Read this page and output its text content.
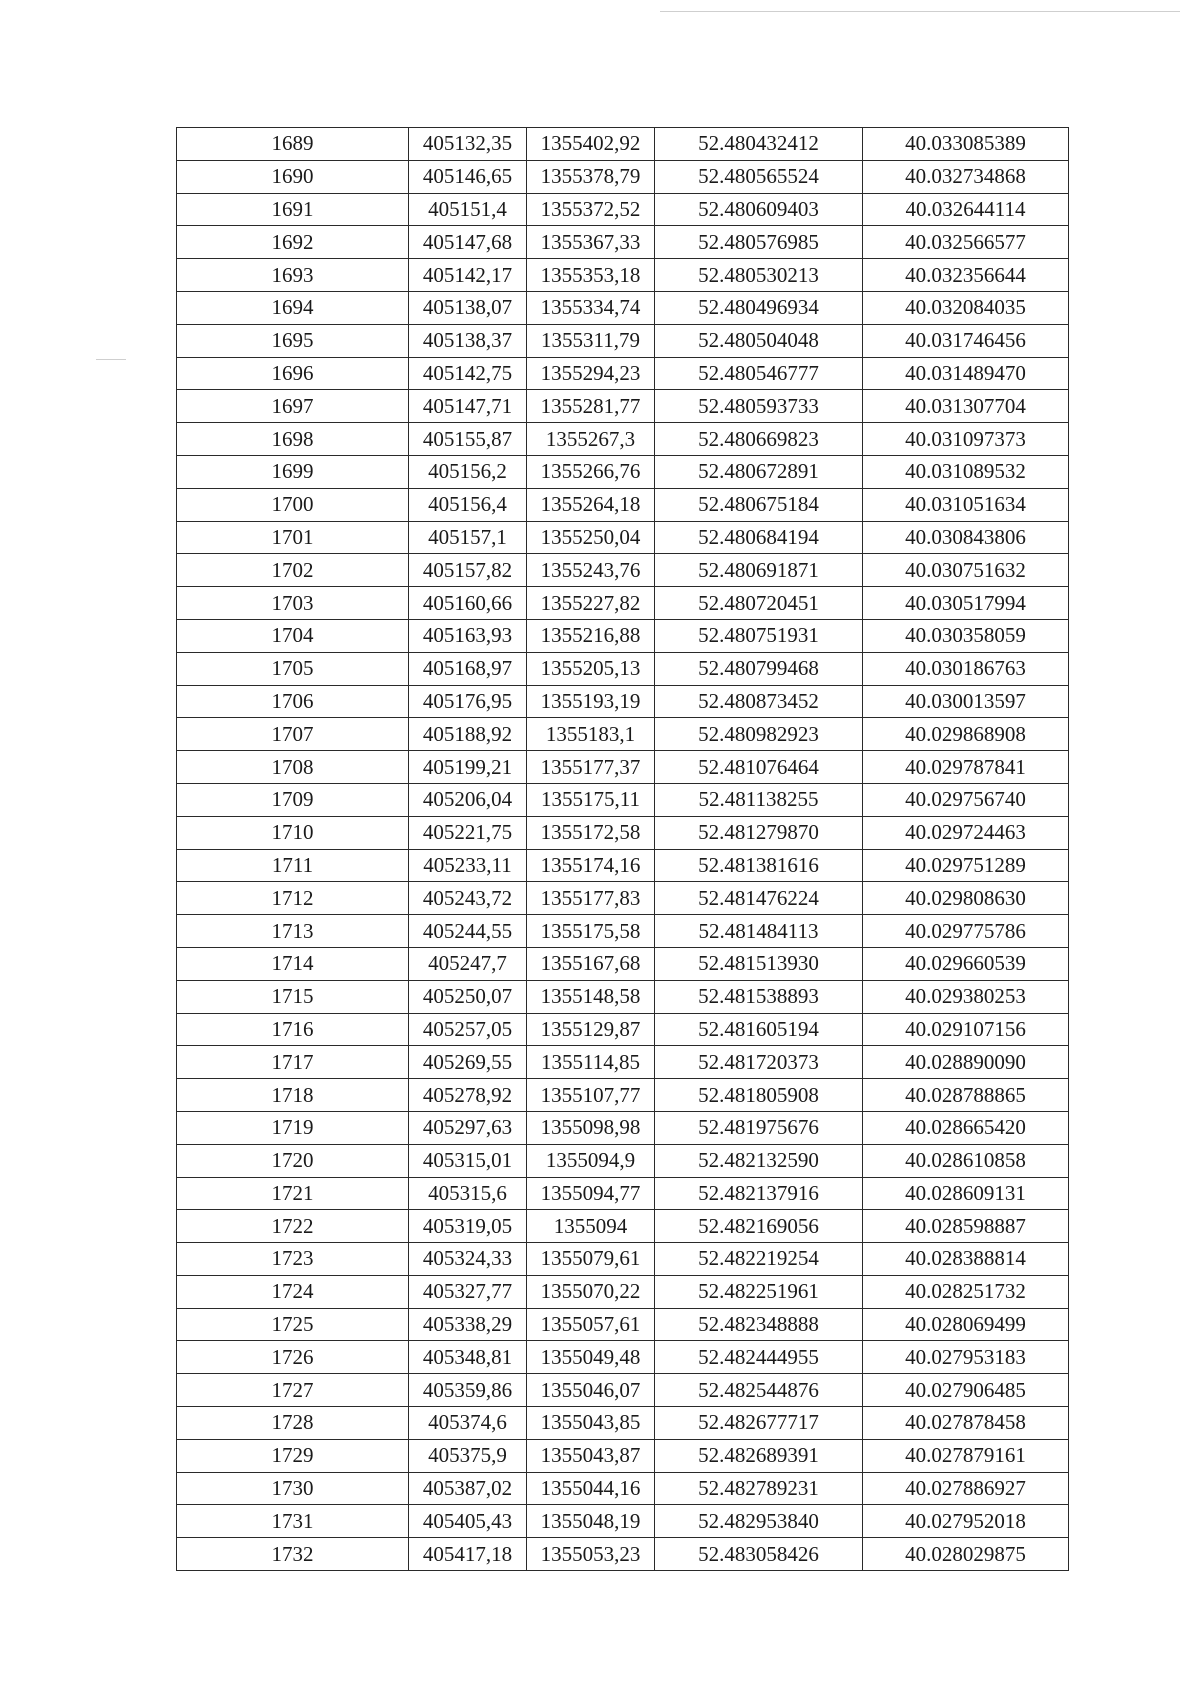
1689	405132,35	1355402,92	52.480432412	40.033085389
1690	405146,65	1355378,79	52.480565524	40.032734868
1691	405151,4	1355372,52	52.480609403	40.032644114
1692	405147,68	1355367,33	52.480576985	40.032566577
1693	405142,17	1355353,18	52.480530213	40.032356644
1694	405138,07	1355334,74	52.480496934	40.032084035
1695	405138,37	1355311,79	52.480504048	40.031746456
1696	405142,75	1355294,23	52.480546777	40.031489470
1697	405147,71	1355281,77	52.480593733	40.031307704
1698	405155,87	1355267,3	52.480669823	40.031097373
1699	405156,2	1355266,76	52.480672891	40.031089532
1700	405156,4	1355264,18	52.480675184	40.031051634
1701	405157,1	1355250,04	52.480684194	40.030843806
1702	405157,82	1355243,76	52.480691871	40.030751632
1703	405160,66	1355227,82	52.480720451	40.030517994
1704	405163,93	1355216,88	52.480751931	40.030358059
1705	405168,97	1355205,13	52.480799468	40.030186763
1706	405176,95	1355193,19	52.480873452	40.030013597
1707	405188,92	1355183,1	52.480982923	40.029868908
1708	405199,21	1355177,37	52.481076464	40.029787841
1709	405206,04	1355175,11	52.481138255	40.029756740
1710	405221,75	1355172,58	52.481279870	40.029724463
1711	405233,11	1355174,16	52.481381616	40.029751289
1712	405243,72	1355177,83	52.481476224	40.029808630
1713	405244,55	1355175,58	52.481484113	40.029775786
1714	405247,7	1355167,68	52.481513930	40.029660539
1715	405250,07	1355148,58	52.481538893	40.029380253
1716	405257,05	1355129,87	52.481605194	40.029107156
1717	405269,55	1355114,85	52.481720373	40.028890090
1718	405278,92	1355107,77	52.481805908	40.028788865
1719	405297,63	1355098,98	52.481975676	40.028665420
1720	405315,01	1355094,9	52.482132590	40.028610858
1721	405315,6	1355094,77	52.482137916	40.028609131
1722	405319,05	1355094	52.482169056	40.028598887
1723	405324,33	1355079,61	52.482219254	40.028388814
1724	405327,77	1355070,22	52.482251961	40.028251732
1725	405338,29	1355057,61	52.482348888	40.028069499
1726	405348,81	1355049,48	52.482444955	40.027953183
1727	405359,86	1355046,07	52.482544876	40.027906485
1728	405374,6	1355043,85	52.482677717	40.027878458
1729	405375,9	1355043,87	52.482689391	40.027879161
1730	405387,02	1355044,16	52.482789231	40.027886927
1731	405405,43	1355048,19	52.482953840	40.027952018
1732	405417,18	1355053,23	52.483058426	40.028029875
